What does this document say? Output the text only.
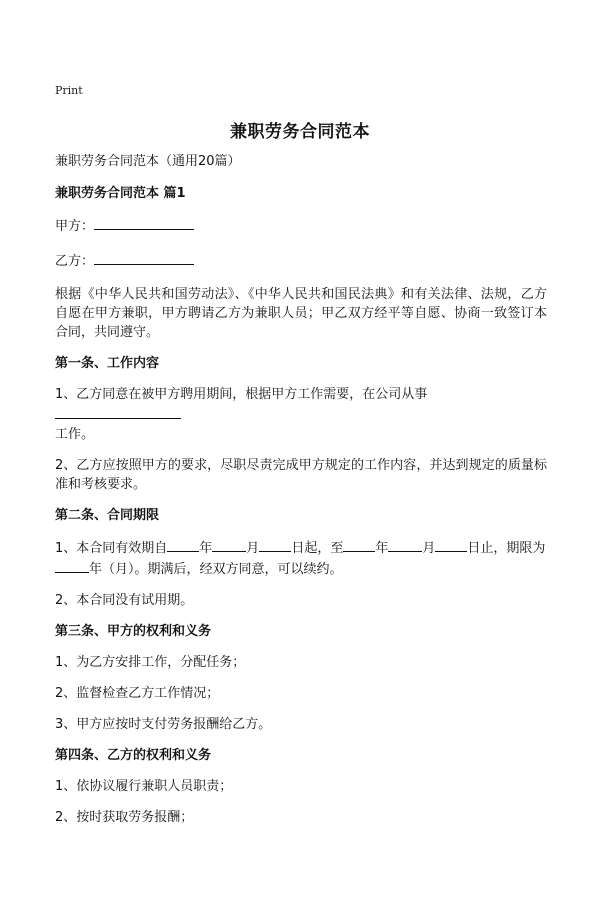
Print
兼职劳务合同范本

兼职劳务合同范本（通用20篇）

兼职劳务合同范本 篇1

甲方：

乙方：

根据《中华人民共和国劳动法》、《中华人民共和国民法典》和有关法律、法规，乙方自愿在甲方兼职，甲方聘请乙方为兼职人员；甲乙双方经平等自愿、协商一致签订本合同，共同遵守。

第一条、工作内容

1、乙方同意在被甲方聘用期间，根据甲方工作需要，在公司从事
工作。

2、乙方应按照甲方的要求，尽职尽责完成甲方规定的工作内容，并达到规定的质量标准和考核要求。

第二条、合同期限

1、本合同有效期自 年	月 日起，至 年	月 日止，期限为年（月）。期满后，经双方同意，可以续约。

2、本合同没有试用期。

第三条、甲方的权利和义务

1、为乙方安排工作，分配任务；

2、监督检查乙方工作情况；

3、甲方应按时支付劳务报酬给乙方。

第四条、乙方的权利和义务

1、依协议履行兼职人员职责；

2、按时获取劳务报酬；
